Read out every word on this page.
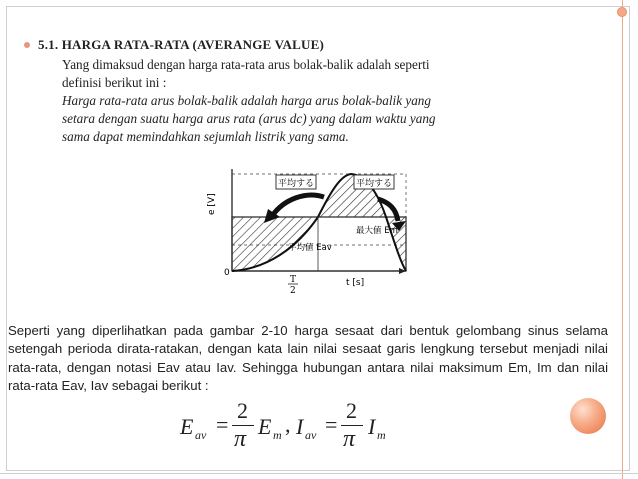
5.1. HARGA RATA-RATA (AVERANGE VALUE)
Yang dimaksud dengan harga rata-rata arus bolak-balik adalah seperti
definisi berikut ini :
Harga rata-rata arus bolak-balik adalah harga arus bolak-balik yang
setara dengan suatu harga arus rata (arus dc) yang dalam waktu yang
sama dapat memindahkan sejumlah listrik yang sama.
平均する	平均する
最大値 Em
平均値 Eav
e [V]
t [s]
0
T
2
Seperti yang diperlihatkan pada gambar 2-10 harga sesaat dari bentuk gelombang sinus selama setengah perioda dirata-ratakan, dengan kata lain nilai sesaat garis lengkung tersebut menjadi nilai rata-rata, dengan notasi Eav atau Iav. Sehingga hubungan antara nilai maksimum Em, Im dan nilai rata-rata Eav, Iav sebagai berikut :
E av =
2
π E m , I av =
2
π I m
